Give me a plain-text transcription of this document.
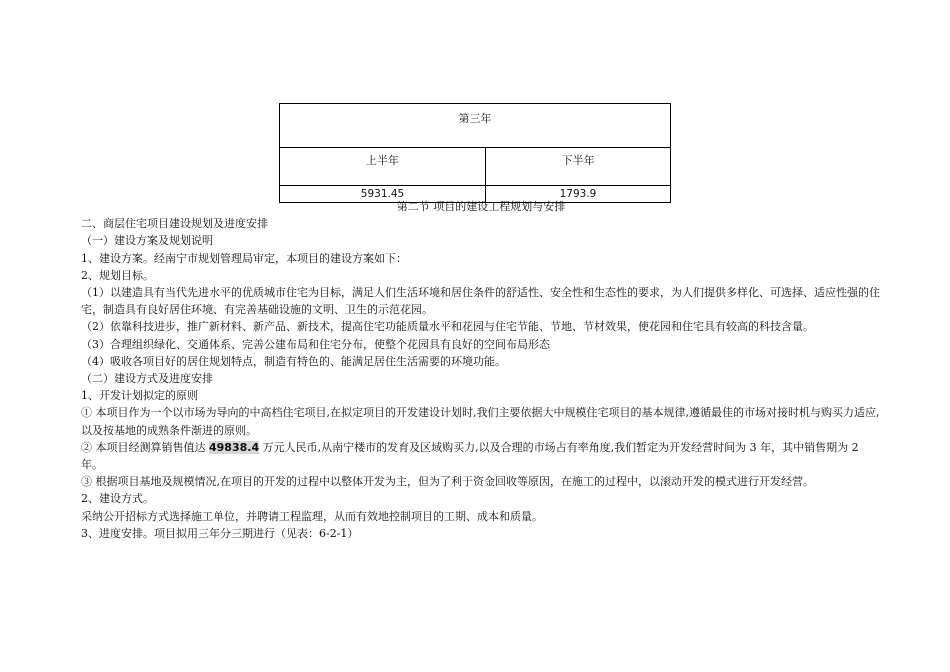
第三年	
上半年	下半年
5931.45	1793.9

第二节 项目的建设工程规划与安排

二、商层住宅项目建设规划及进度安排

（一）建设方案及规划说明

1、建设方案。经南宁市规划管理局审定，本项目的建设方案如下：

2、规划目标。

（1）以建造具有当代先进水平的优质城市住宅为目标，满足人们生活环境和居住条件的舒适性、安全性和生态性的要求，为人们提供多样化、可选择、适应性强的住宅，制造具有良好居住环境、有完善基础设施的文明、卫生的示范花园。

（2）依靠科技进步，推广新材料、新产品、新技术，提高住宅功能质量水平和花园与住宅节能、节地、节材效果，使花园和住宅具有较高的科技含量。

（3）合理组织绿化、交通体系、完善公建布局和住宅分布，使整个花园具有良好的空间布局形态

（4）吸收各项目好的居住规划特点，制造有特色的、能满足居住生活需要的环境功能。

（二）建设方式及进度安排

1、开发计划拟定的原则

① 本项目作为一个以市场为导向的中高档住宅项目,在拟定项目的开发建设计划时,我们主要依据大中规模住宅项目的基本规律,遵循最佳的市场对接时机与购买力适应,以及按基地的成熟条件渐进的原则。

② 本项目经测算销售值达 49838.4 万元人民币,从南宁楼市的发育及区域购买力,以及合理的市场占有率角度,我们暂定为开发经营时间为 3 年，其中销售期为 2 年。

③ 根据项目基地及规模情况,在项目的开发的过程中以整体开发为主，但为了利于资金回收等原因，在施工的过程中，以滚动开发的模式进行开发经营。

2、建设方式。

采纳公开招标方式选择施工单位，并聘请工程监理，从而有效地控制项目的工期、成本和质量。

3、进度安排。项目拟用三年分三期进行（见表：6-2-1）
